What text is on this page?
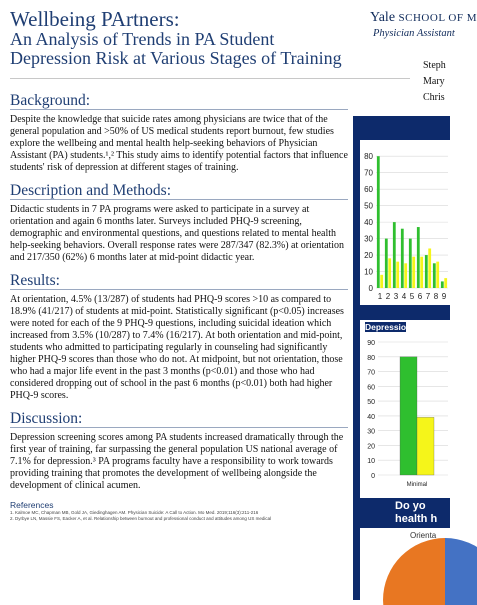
Wellbeing PArtners:
An Analysis of Trends in PA Student
Depression Risk at Various Stages of Training
Yale SCHOOL OF M
Physician Assistant
Steph
Mary
Chris
Background:

Despite the knowledge that suicide rates among physicians are twice that of the general population and >50% of US medical students report burnout, few studies explore the wellbeing and mental health help-seeking behaviors of Physician Assistant (PA) students.¹,² This study aims to identify potential factors that influence students' risk of depression at different stages of training.

Description and Methods:

Didactic students in 7 PA programs were asked to participate in a survey at orientation and again 6 months later. Surveys included PHQ-9 screening, demographic and environmental questions, and questions related to mental health help-seeking behaviors. Overall response rates were 287/347 (82.3%) at orientation and 217/350 (62%) 6 months later at mid-point didactic year.

Results:

At orientation, 4.5% (13/287) of students had PHQ-9 scores >10 as compared to 18.9% (41/217) of students at mid-point. Statistically significant (p<0.05) increases were noted for each of the 9 PHQ-9 questions, including suicidal ideation which increased from 3.5% (10/287) to 7.4% (16/217). At both orientation and mid-point, students who admitted to participating regularly in counseling had significantly higher PHQ-9 scores than those who do not. At midpoint, but not orientation, those who had a major life event in the past 3 months (p<0.01) and those who had considered dropping out of school in the past 6 months (p<0.01) both had higher PHQ-9 scores.

Discussion:

Depression screening scores among PA students increased dramatically through the first year of training, far surpassing the general population US national average of 7.1% for depression.³ PA programs faculty have a responsibility to work towards providing training that promotes the development of wellbeing alongside the development of clinical acumen.

References
1. Kalmoe MC, Chapman MB, Gold JA, Giedinghagen AM. Physician Suicide: A Call to Action. Mo Med. 2019;116(3):211-216
2. Dyrbye LN, Massie FS, Eacker A, et al. Relationship between burnout and professional conduct and attitudes among US medical
0
10
20
30
40
50
60
70
80
1 2 3 4 5 6 7 8 9
0
10
20
30
40
50
60
70
80
90
Minimal
Depressio
Do yo
health h
Orienta
